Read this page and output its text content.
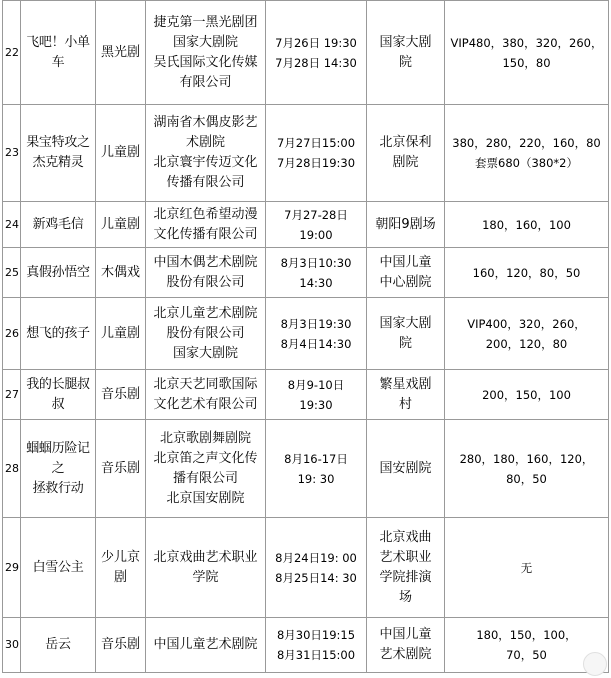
22	飞吧！小单
车	黑光剧	捷克第一黑光剧团
国家大剧院
吴氏国际文化传媒
有限公司	7月26日 19:30
7月28日 14:30	国家大剧
院	VIP480，380，320，260，
150，80

23	果宝特攻之
杰克精灵	儿童剧	湖南省木偶皮影艺
术剧院
北京寰宇传迈文化
传播有限公司	7月27日15:00
7月28日19:30	北京保利
剧院	380，280，220，160，80
套票680（380*2）

24	新鸡毛信	儿童剧	北京红色希望动漫
文化传播有限公司	7月27-28日
19:00	朝阳9剧场	180，160，100

25	真假孙悟空	木偶戏	中国木偶艺术剧院
股份有限公司	8月3日10:30
14:30	中国儿童
中心剧院	160，120，80，50

26	想飞的孩子	儿童剧	北京儿童艺术剧院
股份有限公司
国家大剧院	8月3日19:30
8月4日14:30	国家大剧
院	VIP400，320，260，
200，120，80

27	我的长腿叔
叔	音乐剧	北京天艺同歌国际
文化艺术有限公司	8月9-10日
19:30	繁星戏剧
村	200，150，100

28	蝈蝈历险记
之
拯救行动	音乐剧	北京歌剧舞剧院
北京笛之声文化传
播有限公司
北京国安剧院	8月16-17日
19: 30	国安剧院	280，180，160，120，
80，50

29	白雪公主	少儿京
剧	北京戏曲艺术职业
学院	8月24日19: 00
8月25日14: 30	北京戏曲
艺术职业
学院排演
场	无

30	岳云	音乐剧	中国儿童艺术剧院	8月30日19:15
8月31日15:00	中国儿童
艺术剧院	180，150，100，
70，50
